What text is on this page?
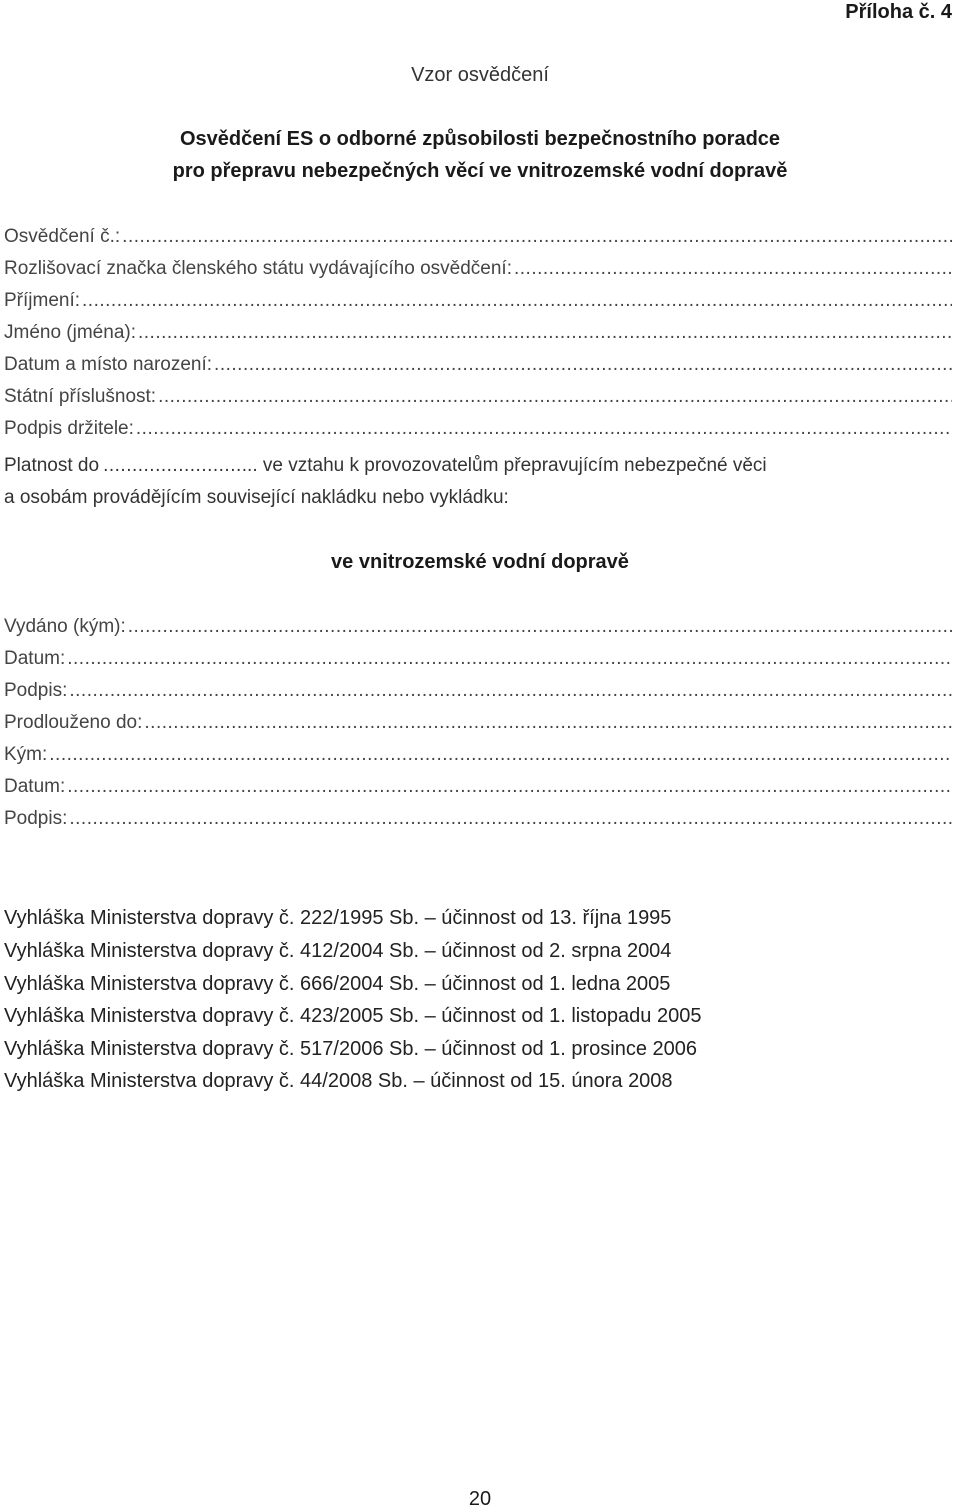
Příloha č. 4
Vzor osvědčení
Osvědčení ES o odborné způsobilosti bezpečnostního poradce
pro přepravu nebezpečných věcí ve vnitrozemské vodní dopravě
Osvědčení č.:
.....
Rozlišovací značka členského státu vydávajícího osvědčení:
.....
Příjmení:
.....
Jméno (jména):
.....
Datum a místo narození:
.....
Státní příslušnost:
.....
Podpis držitele:
.....
Platnost do ........................ ... ve vztahu k provozovatelům přepravujícím nebezpečné věci
a osobám provádějícím související nakládku nebo vykládku:
ve vnitrozemské vodní dopravě
Vydáno (kým):
.....
Datum:
.....
Podpis:
.....
Prodlouženo do:
.....
Kým:
.....
Datum:
.....
Podpis:
.....
Vyhláška Ministerstva dopravy č. 222/1995 Sb. – účinnost od 13. října 1995
Vyhláška Ministerstva dopravy č. 412/2004 Sb. – účinnost od 2. srpna 2004
Vyhláška Ministerstva dopravy č. 666/2004 Sb. – účinnost od 1. ledna 2005
Vyhláška Ministerstva dopravy č. 423/2005 Sb. – účinnost od 1. listopadu 2005
Vyhláška Ministerstva dopravy č. 517/2006 Sb. – účinnost od 1. prosince 2006
Vyhláška Ministerstva dopravy č. 44/2008 Sb. – účinnost od 15. února 2008
20
